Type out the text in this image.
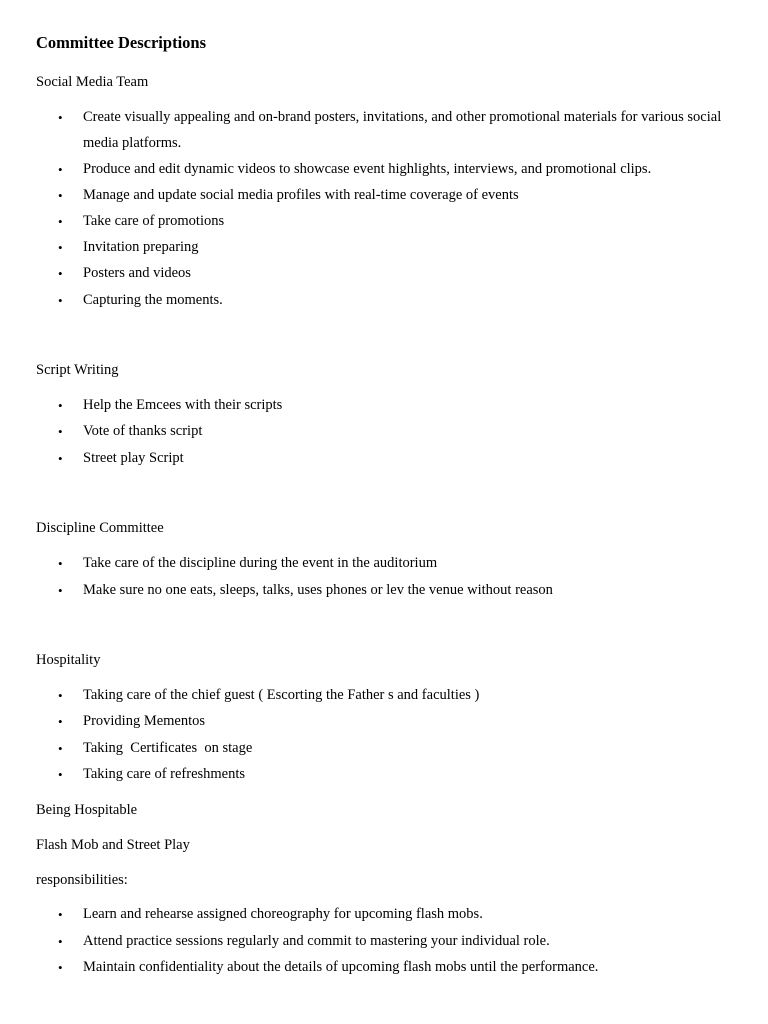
Committee Descriptions
Social Media Team
•	Create visually appealing and on-brand posters, invitations, and other promotional materials for various social media platforms.
•	Produce and edit dynamic videos to showcase event highlights, interviews, and promotional clips.
•	Manage and update social media profiles with real-time coverage of events
•	Take care of promotions
•	Invitation preparing
•	Posters and videos
•	Capturing the moments.
Script Writing
•	Help the Emcees with their scripts
•	Vote of thanks script
•	Street play Script
Discipline Committee
•	Take care of the discipline during the event in the auditorium
•	Make sure no one eats, sleeps, talks, uses phones or lev the venue without reason
Hospitality
•	Taking care of the chief guest ( Escorting the Father s and faculties )
•	Providing Mementos
•	Taking  Certificates  on stage
•	Taking care of refreshments
Being Hospitable
Flash Mob and Street Play
responsibilities:
•	Learn and rehearse assigned choreography for upcoming flash mobs.
•	Attend practice sessions regularly and commit to mastering your individual role.
•	Maintain confidentiality about the details of upcoming flash mobs until the performance.
